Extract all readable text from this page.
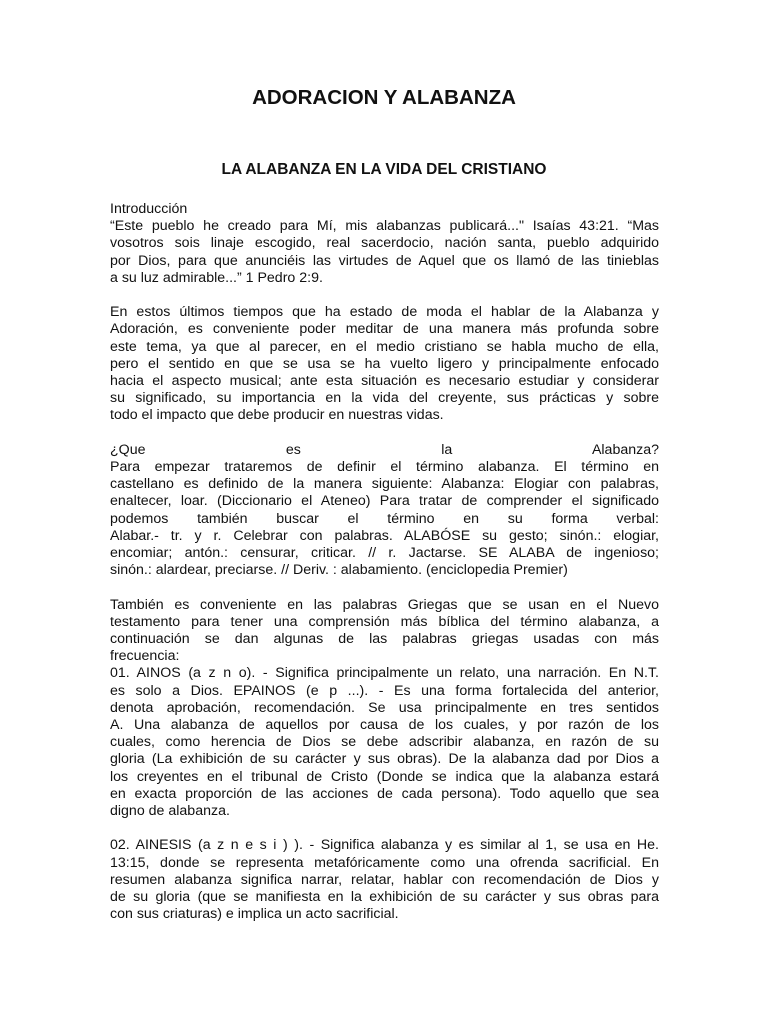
ADORACION Y ALABANZA
LA ALABANZA EN LA VIDA DEL CRISTIANO
Introducción
“Este pueblo he creado para Mí, mis alabanzas publicará..." Isaías 43:21. “Mas
vosotros sois linaje escogido, real sacerdocio, nación santa, pueblo adquirido
por Dios, para que anunciéis las virtudes de Aquel que os llamó de las tinieblas
a su luz admirable...” 1 Pedro 2:9.
En estos últimos tiempos que ha estado de moda el hablar de la Alabanza y
Adoración, es conveniente poder meditar de una manera más profunda sobre
este tema, ya que al parecer, en el medio cristiano se habla mucho de ella,
pero el sentido en que se usa se ha vuelto ligero y principalmente enfocado
hacia el aspecto musical; ante esta situación es necesario estudiar y considerar
su significado, su importancia en la vida del creyente, sus prácticas y sobre
todo el impacto que debe producir en nuestras vidas.
¿Que es la Alabanza?
Para empezar trataremos de definir el término alabanza. El término en
castellano es definido de la manera siguiente: Alabanza: Elogiar con palabras,
enaltecer, loar. (Diccionario el Ateneo) Para tratar de comprender el significado
podemos también buscar el término en su forma verbal:
Alabar.- tr. y r. Celebrar con palabras. ALABÓSE su gesto; sinón.: elogiar,
encomiar; antón.: censurar, criticar. // r. Jactarse. SE ALABA de ingenioso;
sinón.: alardear, preciarse. // Deriv. : alabamiento. (enciclopedia Premier)
También es conveniente en las palabras Griegas que se usan en el Nuevo
testamento para tener una comprensión más bíblica del término alabanza, a
continuación se dan algunas de las palabras griegas usadas con más
frecuencia:
01. AINOS (a z n o). - Significa principalmente un relato, una narración. En N.T.
es solo a Dios. EPAINOS (e p ...). - Es una forma fortalecida del anterior,
denota aprobación, recomendación. Se usa principalmente en tres sentidos
A. Una alabanza de aquellos por causa de los cuales, y por razón de los
cuales, como herencia de Dios se debe adscribir alabanza, en razón de su
gloria (La exhibición de su carácter y sus obras). De la alabanza dad por Dios a
los creyentes en el tribunal de Cristo (Donde se indica que la alabanza estará
en exacta proporción de las acciones de cada persona). Todo aquello que sea
digno de alabanza.
02. AINESIS (a z n e s i ) ). - Significa alabanza y es similar al 1, se usa en He.
13:15, donde se representa metafóricamente como una ofrenda sacrificial. En
resumen alabanza significa narrar, relatar, hablar con recomendación de Dios y
de su gloria (que se manifiesta en la exhibición de su carácter y sus obras para
con sus criaturas) e implica un acto sacrificial.
